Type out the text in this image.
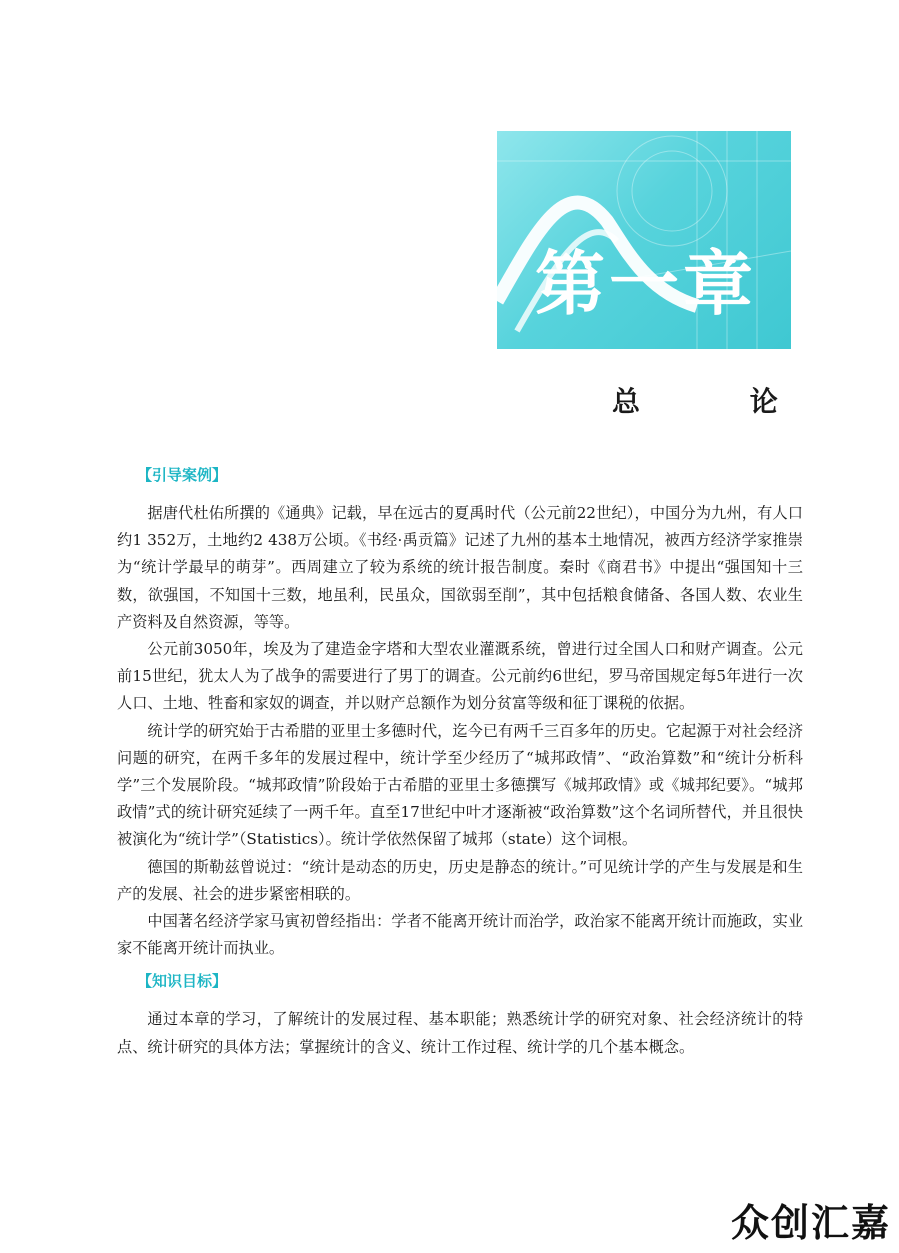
第一章
总 论
【引导案例】

据唐代杜佑所撰的《通典》记载，早在远古的夏禹时代（公元前22世纪），中国分为九州，有人口约1 352万，土地约2 438万公顷。《书经·禹贡篇》记述了九州的基本土地情况，被西方经济学家推崇为“统计学最早的萌芽”。西周建立了较为系统的统计报告制度。秦时《商君书》中提出“强国知十三数，欲强国，不知国十三数，地虽利，民虽众，国欲弱至削”，其中包括粮食储备、各国人数、农业生产资料及自然资源，等等。

公元前3050年，埃及为了建造金字塔和大型农业灌溉系统，曾进行过全国人口和财产调查。公元前15世纪，犹太人为了战争的需要进行了男丁的调查。公元前约6世纪，罗马帝国规定每5年进行一次人口、土地、牲畜和家奴的调查，并以财产总额作为划分贫富等级和征丁课税的依据。

统计学的研究始于古希腊的亚里士多德时代，迄今已有两千三百多年的历史。它起源于对社会经济问题的研究，在两千多年的发展过程中，统计学至少经历了“城邦政情”、“政治算数”和“统计分析科学”三个发展阶段。“城邦政情”阶段始于古希腊的亚里士多德撰写《城邦政情》或《城邦纪要》。“城邦政情”式的统计研究延续了一两千年。直至17世纪中叶才逐渐被“政治算数”这个名词所替代，并且很快被演化为“统计学”（Statistics）。统计学依然保留了城邦（state）这个词根。

德国的斯勒兹曾说过：“统计是动态的历史，历史是静态的统计。”可见统计学的产生与发展是和生产的发展、社会的进步紧密相联的。

中国著名经济学家马寅初曾经指出：学者不能离开统计而治学，政治家不能离开统计而施政，实业家不能离开统计而执业。

【知识目标】

通过本章的学习，了解统计的发展过程、基本职能；熟悉统计学的研究对象、社会经济统计的特点、统计研究的具体方法；掌握统计的含义、统计工作过程、统计学的几个基本概念。

众创汇嘉
